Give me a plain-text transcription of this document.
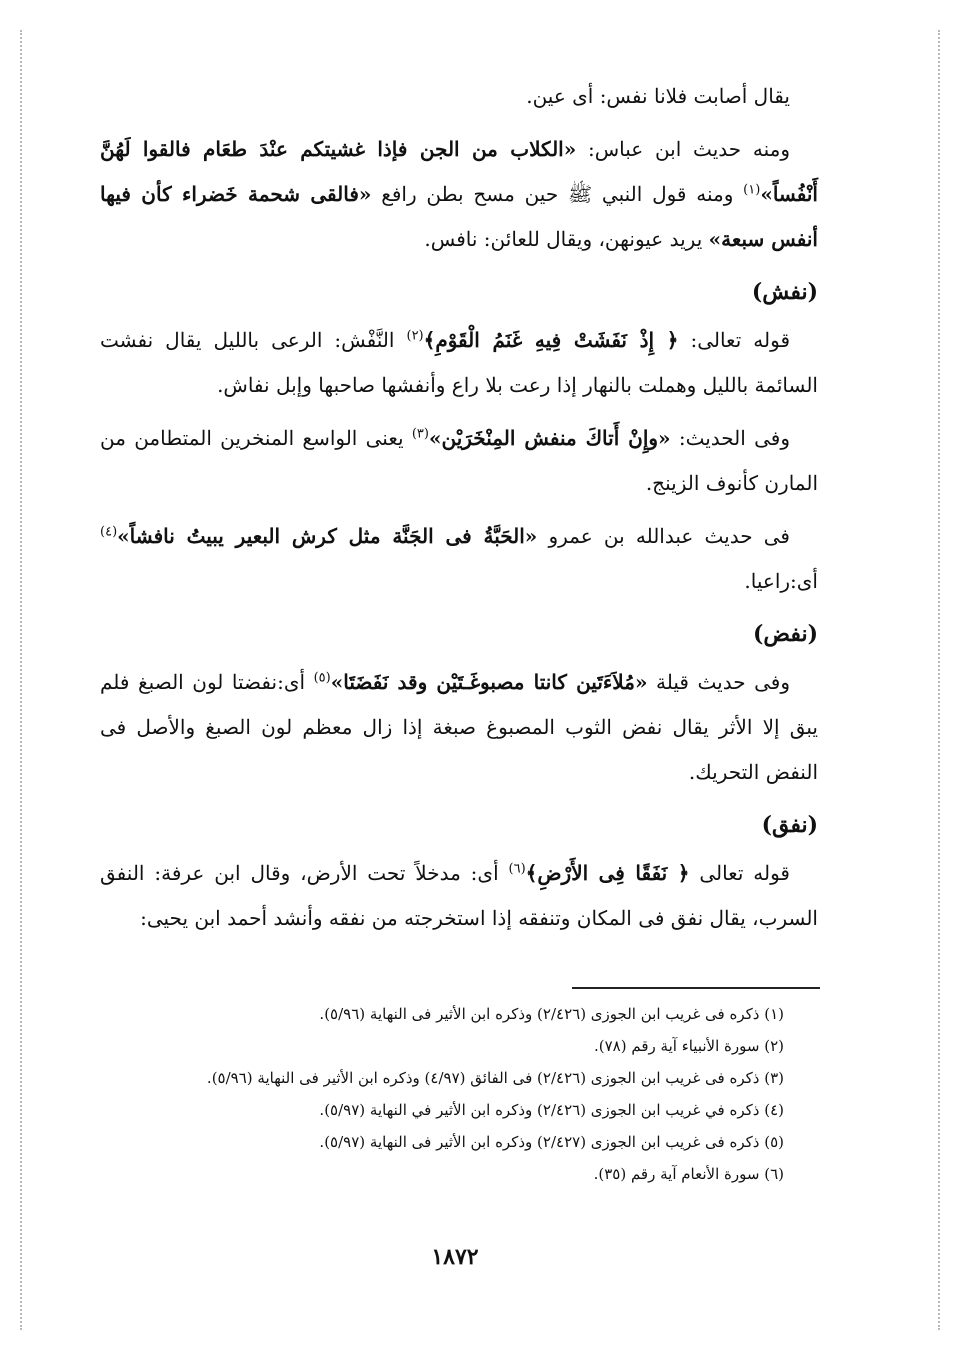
يقال أصابت فلانا نفس: أى عين.

ومنه حديث ابن عباس: «الكلاب من الجن فإذا غشيتكم عنْدَ طعَام فالقوا لَهُنَّ أَنْفُساً»$^{(١)}$ ومنه قول النبي ﷺ حين مسح بطن رافع «فالقى شحمة خَضراء كأن فيها أنفس سبعة» يريد عيونهن، ويقال للعائن: نافس.

(نفش)

قوله تعالى: ﴿ إِذْ نَفَشَتْ فِيهِ غَنَمُ الْقَوْمِ﴾$^{(٢)}$ النَّفْش: الرعى بالليل يقال نفشت السائمة بالليل وهملت بالنهار إذا رعت بلا راع وأنفشها صاحبها وإبل نفاش.

وفى الحديث: «وإِنْ أَتاكَ منفش المِنْخَرَيْن»$^{(٣)}$ يعنى الواسع المنخرين المتطامن من المارن كأنوف الزينج.

فى حديث عبدالله بن عمرو «الحَبَّةُ فى الجَنَّة مثل كرش البعير يبيتُ نافشاً»$^{(٤)}$ أى:راعيا.

(نفض)

وفى حديث قيلة «مُلاَءَتَين كانتا مصبوغَـتَيْن وقد نَفَضَتَا»$^{(٥)}$ أى:نفضتا لون الصبغ فلم يبق إلا الأثر يقال نفض الثوب المصبوغ صبغة إذا زال معظم لون الصبغ والأصل فى النفض التحريك.

(نفق)

قوله تعالى ﴿ نَفَقًا فِى الأَرْضِ﴾$^{(٦)}$ أى: مدخلاً تحت الأرض، وقال ابن عرفة: النفق السرب، يقال نفق فى المكان وتنفقه إذا استخرجته من نفقه وأنشد أحمد ابن يحيى:

(١) ذكره فى غريب ابن الجوزى (٢/٤٢٦) وذكره ابن الأثير فى النهاية (٥/٩٦).

(٢) سورة الأنبياء آية رقم (٧٨).

(٣) ذكره فى غريب ابن الجوزى (٢/٤٢٦) فى الفائق (٤/٩٧) وذكره ابن الأثير فى النهاية (٥/٩٦).

(٤) ذكره في غريب ابن الجوزى (٢/٤٢٦) وذكره ابن الأثير في النهاية (٥/٩٧).

(٥) ذكره فى غريب ابن الجوزى (٢/٤٢٧) وذكره ابن الأثير فى النهاية (٥/٩٧).

(٦) سورة الأنعام آية رقم (٣٥).

١٨٧٢
